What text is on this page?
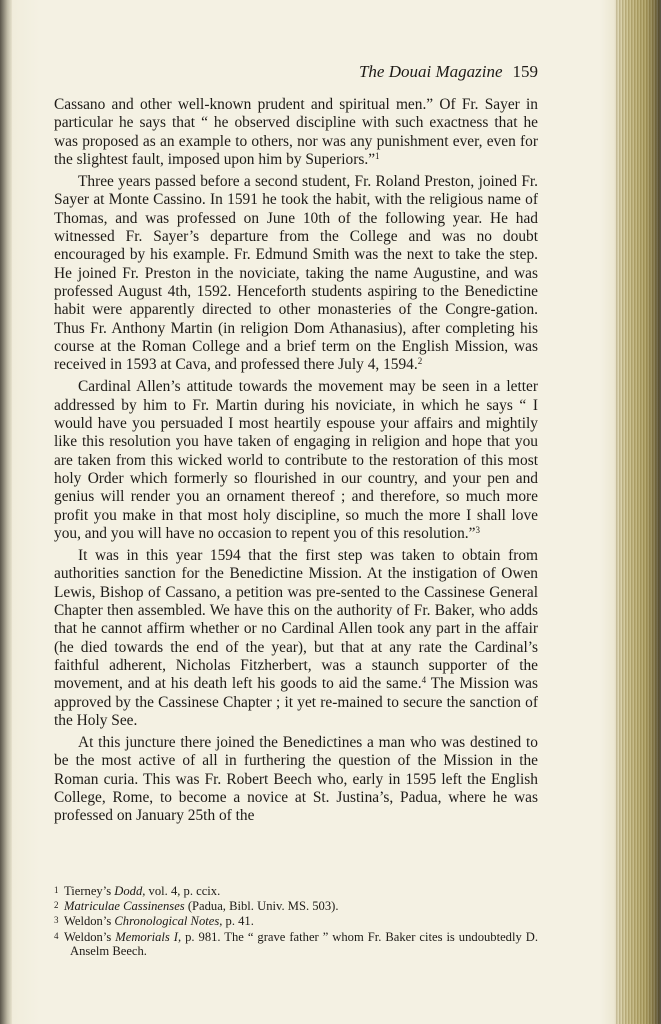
The Douai Magazine 159

Cassano and other well-known prudent and spiritual men.” Of Fr. Sayer in particular he says that “ he observed discipline with such exactness that he was proposed as an example to others, nor was any punishment ever, even for the slightest fault, imposed upon him by Superiors.”$^1$

Three years passed before a second student, Fr. Roland Preston, joined Fr. Sayer at Monte Cassino. In 1591 he took the habit, with the religious name of Thomas, and was professed on June 10th of the following year. He had witnessed Fr. Sayer’s departure from the College and was no doubt encouraged by his example. Fr. Edmund Smith was the next to take the step. He joined Fr. Preston in the noviciate, taking the name Augustine, and was professed August 4th, 1592. Henceforth students aspiring to the Benedictine habit were apparently directed to other monasteries of the Congre-gation. Thus Fr. Anthony Martin (in religion Dom Athanasius), after completing his course at the Roman College and a brief term on the English Mission, was received in 1593 at Cava, and professed there July 4, 1594.$^2$

Cardinal Allen’s attitude towards the movement may be seen in a letter addressed by him to Fr. Martin during his noviciate, in which he says “ I would have you persuaded I most heartily espouse your affairs and mightily like this resolution you have taken of engaging in religion and hope that you are taken from this wicked world to contribute to the restoration of this most holy Order which formerly so flourished in our country, and your pen and genius will render you an ornament thereof ; and therefore, so much more profit you make in that most holy discipline, so much the more I shall love you, and you will have no occasion to repent you of this resolution.”$^3$

It was in this year 1594 that the first step was taken to obtain from authorities sanction for the Benedictine Mission. At the instigation of Owen Lewis, Bishop of Cassano, a petition was pre-sented to the Cassinese General Chapter then assembled. We have this on the authority of Fr. Baker, who adds that he cannot affirm whether or no Cardinal Allen took any part in the affair (he died towards the end of the year), but that at any rate the Cardinal’s faithful adherent, Nicholas Fitzherbert, was a staunch supporter of the movement, and at his death left his goods to aid the same.$^4$ The Mission was approved by the Cassinese Chapter ; it yet re-mained to secure the sanction of the Holy See.

At this juncture there joined the Benedictines a man who was destined to be the most active of all in furthering the question of the Mission in the Roman curia. This was Fr. Robert Beech who, early in 1595 left the English College, Rome, to become a novice at St. Justina’s, Padua, where he was professed on January 25th of the

1 Tierney’s Dodd, vol. 4, p. ccix.
2 Matriculae Cassinenses (Padua, Bibl. Univ. MS. 503).
3 Weldon’s Chronological Notes, p. 41.
4 Weldon’s Memorials I, p. 981. The “ grave father ” whom Fr. Baker cites is undoubtedly D. Anselm Beech.
